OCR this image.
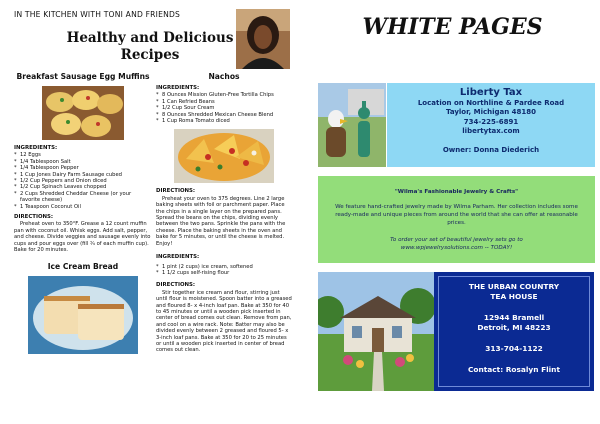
IN THE KITCHEN WITH TONI AND FRIENDS
Healthy and Delicious Recipes
Breakfast Sausage Egg Muffins
INGREDIENTS:
* 12 Eggs
* 1/4 Tablespoon Salt
* 1/4 Tablespoon Pepper
* 1 Cup Jones Dairy Farm Sausage cubed
* 1/2 Cup Peppers and Onion diced
* 1/2 Cup Spinach Leaves chopped
* 2 Cups Shredded Cheddar Cheese (or your favorite cheese)
* 1 Teaspoon Coconut Oil
DIRECTIONS:
Preheat oven to 350°F. Grease a 12 count muffin pan with coconut oil. Whisk eggs. Add salt, pepper, and cheese. Divide veggies and sausage evenly into cups and pour eggs over (fill ¾ of each muffin cup). Bake for 20 minutes.
Ice Cream Bread
Nachos
INGREDIENTS:
* 8 Ounces Mission Gluten-Free Tortilla Chips
* 1 Can Refried Beans
* 1/2 Cup Sour Cream
* 8 Ounces Shredded Mexican Cheese Blend
* 1 Cup Roma Tomato diced
DIRECTIONS:
Preheat your oven to 375 degrees. Line 2 large baking sheets with foil or parchment paper. Place the chips in a single layer on the prepared pans. Spread the beans on the chips, dividing evenly between the two pans. Sprinkle the pans with the cheese. Place the baking sheets in the oven and bake for 5 minutes, or until the cheese is melted. Enjoy!
INGREDIENTS:
* 1 pint (2 cups) ice cream, softened
* 1 1/2 cups self-rising flour
DIRECTIONS:
Stir together ice cream and flour, stirring just until flour is moistened. Spoon batter into a greased and floured 8- x 4-inch loaf pan. Bake at 350 for 40 to 45 minutes or until a wooden pick inserted in center of bread comes out clean. Remove from pan, and cool on a wire rack. Note: Batter may also be divided evenly between 2 greased and floured 5- x 3-inch loaf pans. Bake at 350 for 20 to 25 minutes or until a wooden pick inserted in center of bread comes out clean.
WHITE PAGES
Liberty Tax
Location on Northline & Pardee Road
Taylor, Michigan 48180
734-225-6891
libertytax.com
Owner: Donna Diederich
"Wilma's Fashionable Jewelry & Crafts"
We feature hand-crafted jewelry made by Wilma Parham. Her collection includes some ready-made and unique pieces from around the world that she can offer at reasonable prices.
To order your set of beautiful jewelry sets go to www.wpjewelrysolutions.com -- TODAY!
THE URBAN COUNTRY
TEA HOUSE
12944 Bramell
Detroit, MI 48223
313-704-1122
Contact: Rosalyn Flint
